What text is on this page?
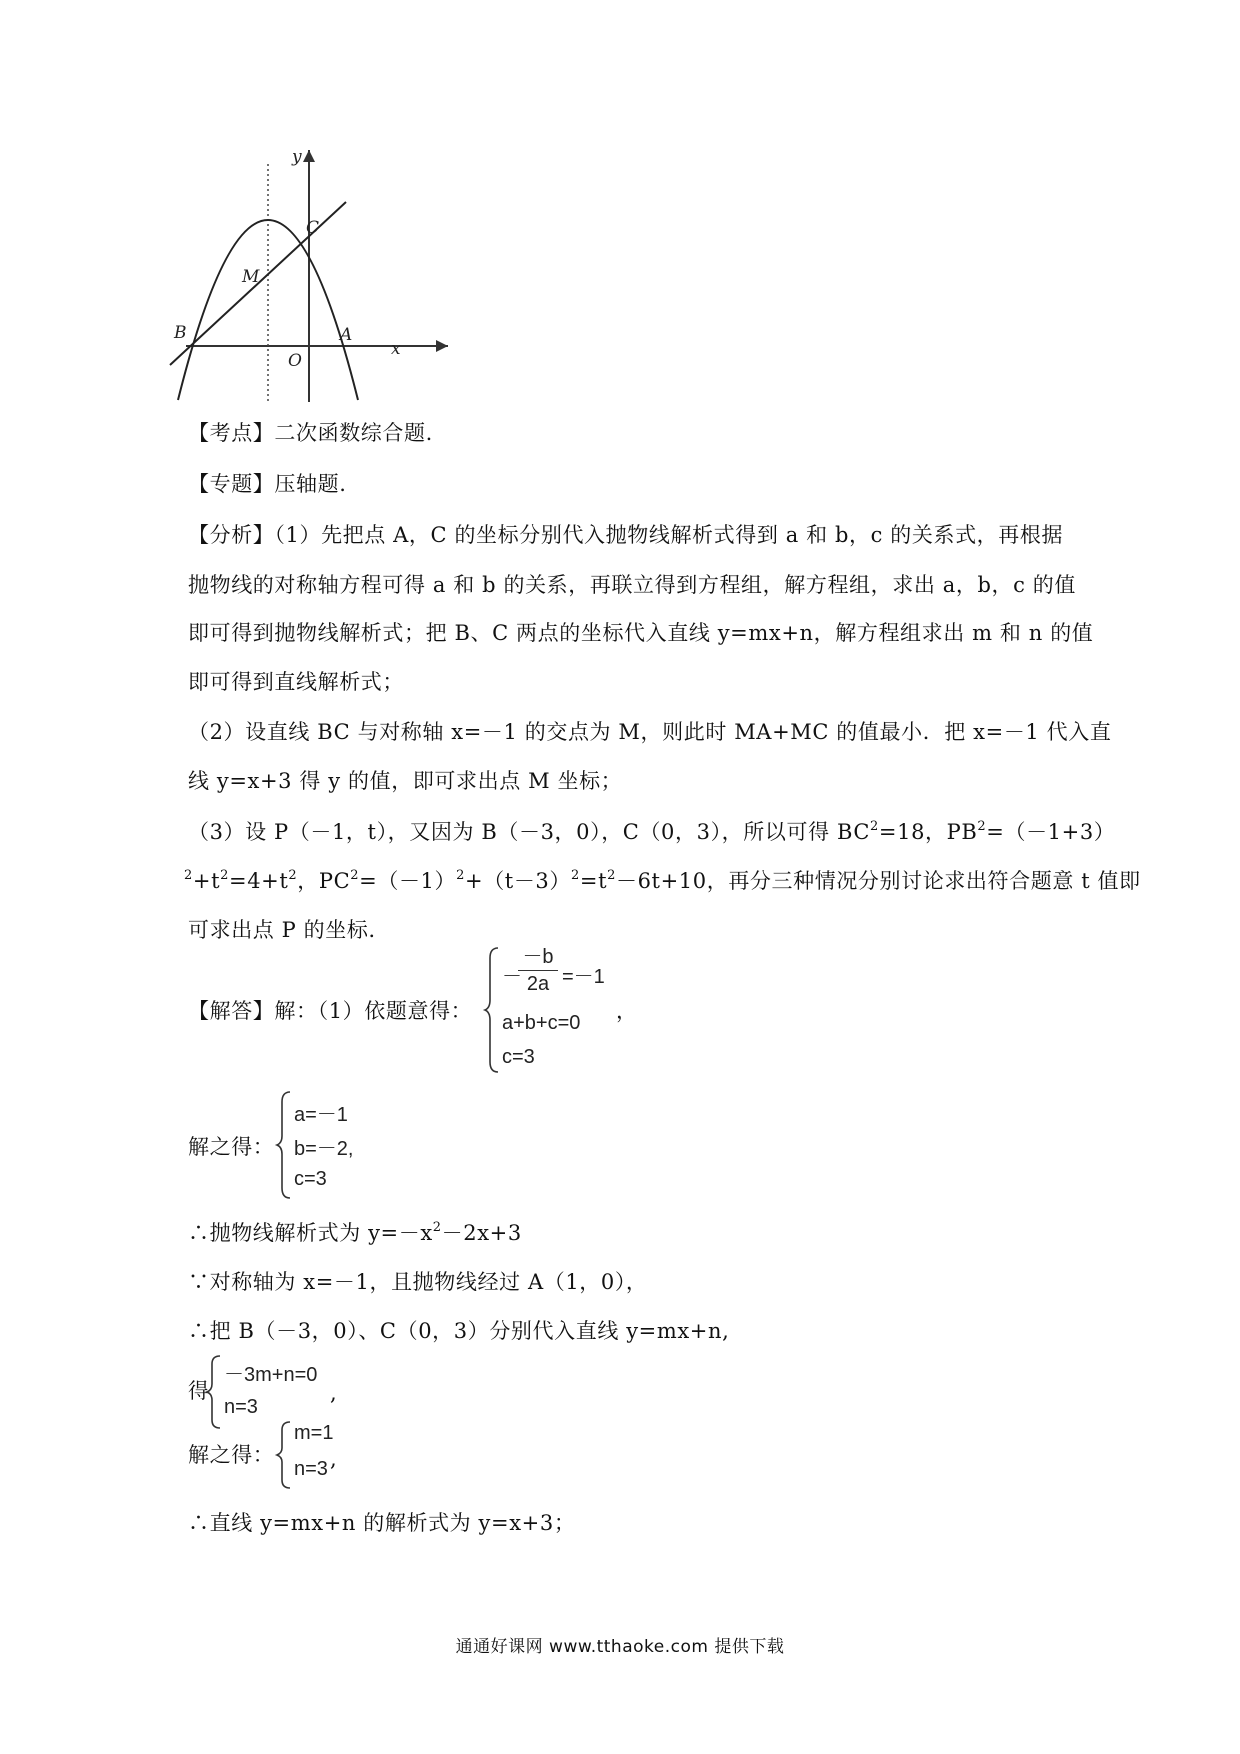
y
x
C
M
B	A
O
【考点】二次函数综合题.
【专题】压轴题.
【分析】（1）先把点 A，C 的坐标分别代入抛物线解析式得到 a 和 b，c 的关系式，再根据
抛物线的对称轴方程可得 a 和 b 的关系，再联立得到方程组，解方程组，求出 a，b，c 的值
即可得到抛物线解析式；把 B、C 两点的坐标代入直线 y=mx+n，解方程组求出 m 和 n 的值
即可得到直线解析式；
（2）设直线 BC 与对称轴 x=－1 的交点为 M，则此时 MA+MC 的值最小．把 x=－1 代入直
线 y=x+3 得 y 的值，即可求出点 M 坐标；
（3）设 P（－1，t），又因为 B（－3，0），C（0，3），所以可得 $BC^2=18$，$PB^2=(-1+3)$
$^2+t^2=4+t^2$，$PC^2=(-1)^2+(t-3)^2=t^2-6t+10$，再分三种情况分别讨论求出符合题意 t 值即
可求出点 P 的坐标．
【解答】解：（1）依题意得：
－
－b
2a =－1
a+b+c=0
c=3
，
解之得：
a=－1
b=－2,
c=3
∴抛物线解析式为 $y=-x^2-2x+3$
∵对称轴为 x=－1，且抛物线经过 A（1，0），
∴把 B（－3，0）、C（0，3）分别代入直线 y=mx+n,
得
－3m+n=0
n=3
,
解之得：
m=1
n=3 ,
∴直线 y=mx+n 的解析式为 y=x+3；
通通好课网 www.tthaoke.com 提供下载
